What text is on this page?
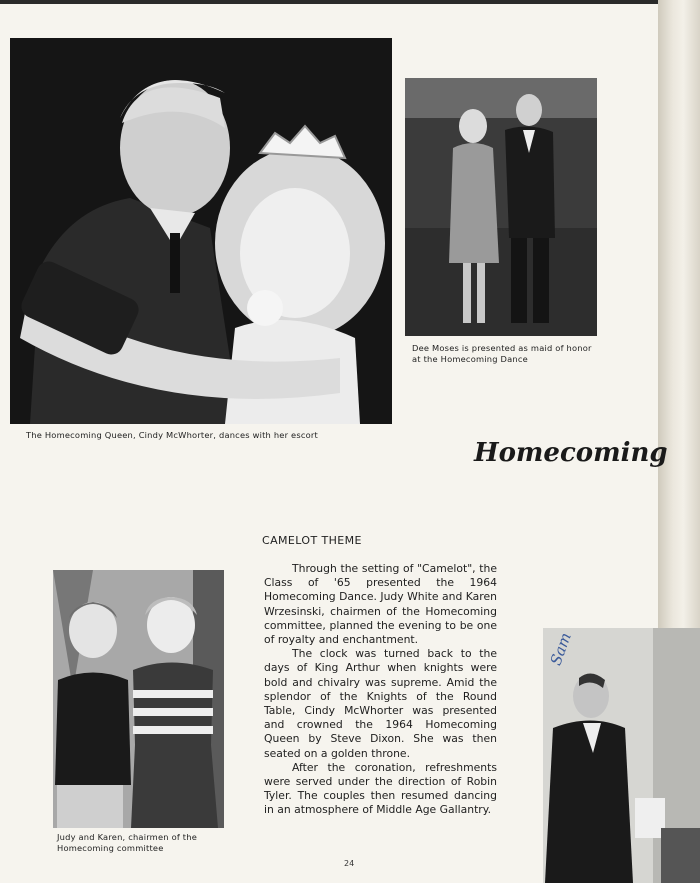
The Homecoming Queen, Cindy McWhorter, dances with her escort
Dee Moses is presented as maid of honor at the Homecoming Dance
Homecoming
CAMELOT THEME

Through the setting of "Camelot", the Class of '65 presented the 1964 Homecoming Dance. Judy White and Karen Wrzesinski, chairmen of the Homecoming committee, planned the evening to be one of royalty and enchantment.

The clock was turned back to the days of King Arthur when knights were bold and chivalry was supreme. Amid the splendor of the Knights of the Round Table, Cindy McWhorter was presented and crowned the 1964 Homecoming Queen by Steve Dixon. She was then seated on a golden throne.

After the coronation, refreshments were served under the direction of Robin Tyler. The couples then resumed dancing in an atmosphere of Middle Age Gallantry.

Judy and Karen, chairmen of the Homecoming committee
Sam
24
